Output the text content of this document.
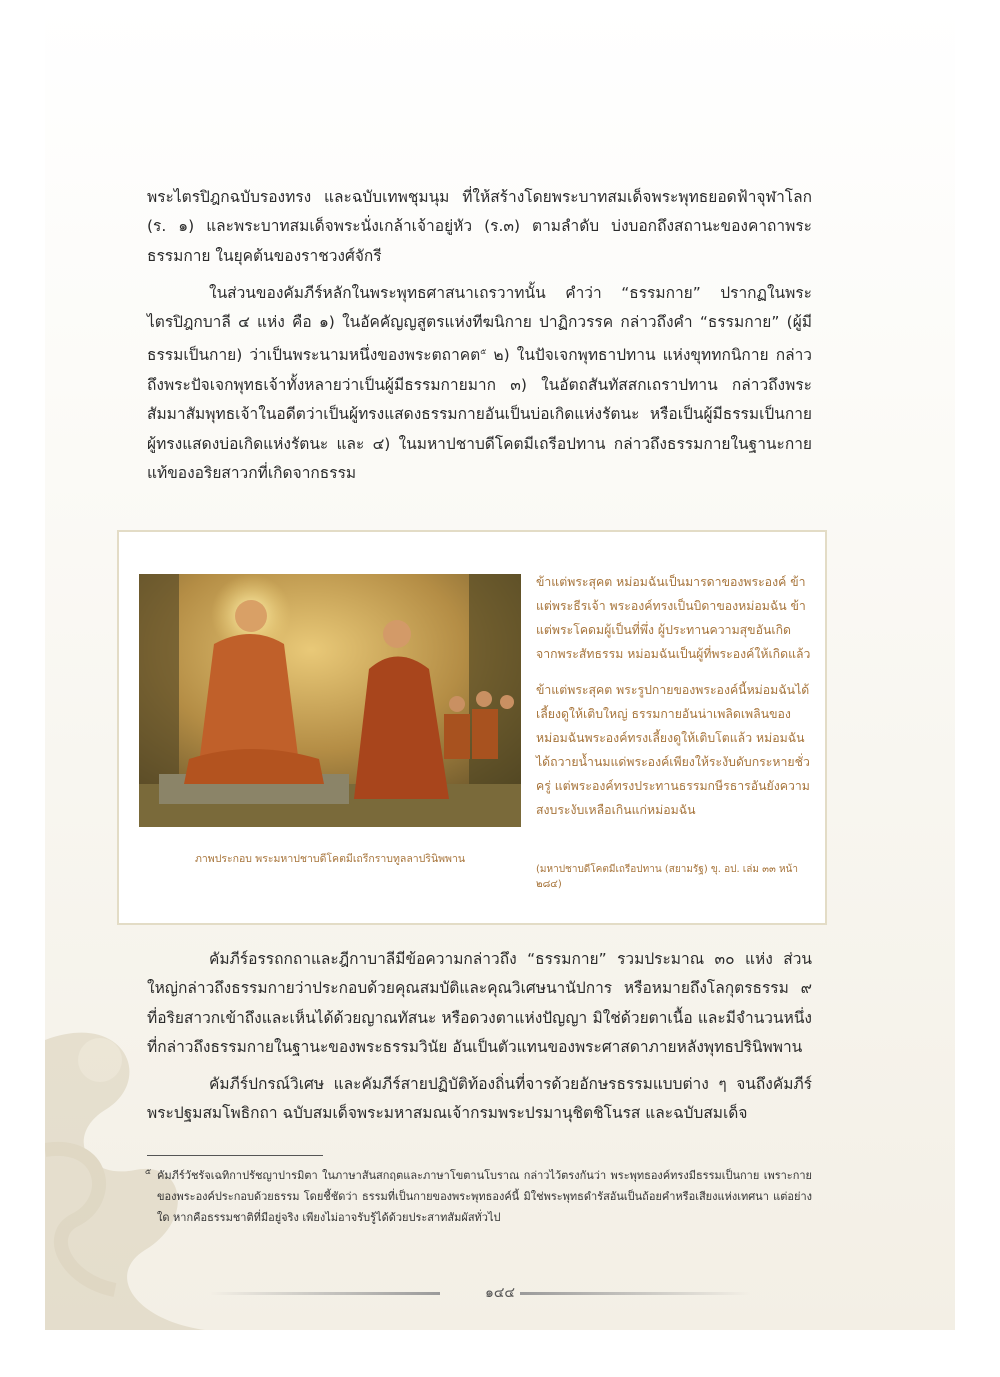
พระไตรปิฎกฉบับรองทรง และฉบับเทพชุมนุม ที่ให้สร้างโดยพระบาทสมเด็จพระพุทธยอดฟ้าจุฬาโลก (ร. ๑) และพระบาทสมเด็จพระนั่งเกล้าเจ้าอยู่หัว (ร.๓) ตามลำดับ บ่งบอกถึงสถานะของคาถาพระธรรมกาย ในยุคต้นของราชวงศ์จักรี

ในส่วนของคัมภีร์หลักในพระพุทธศาสนาเถรวาทนั้น คำว่า “ธรรมกาย” ปรากฏในพระไตรปิฎกบาลี ๔ แห่ง คือ ๑) ในอัคคัญญสูตรแห่งทีฆนิกาย ปาฏิกวรรค กล่าวถึงคำ “ธรรมกาย” (ผู้มีธรรมเป็นกาย) ว่าเป็นพระนามหนึ่งของพระตถาคต$^๕$ ๒) ในปัจเจกพุทธาปทาน แห่งขุททกนิกาย กล่าวถึงพระปัจเจกพุทธเจ้าทั้งหลายว่าเป็นผู้มีธรรมกายมาก ๓) ในอัตถสันทัสสกเถราปทาน กล่าวถึงพระสัมมาสัมพุทธเจ้าในอดีตว่าเป็นผู้ทรงแสดงธรรมกายอันเป็นบ่อเกิดแห่งรัตนะ หรือเป็นผู้มีธรรมเป็นกาย ผู้ทรงแสดงบ่อเกิดแห่งรัตนะ และ ๔) ในมหาปชาบดีโคตมีเถรีอปทาน กล่าวถึงธรรมกายในฐานะกายแท้ของอริยสาวกที่เกิดจากธรรม

ภาพประกอบ พระมหาปชาบดีโคตมีเถรีกราบทูลลาปรินิพพาน

ข้าแต่พระสุคต หม่อมฉันเป็นมารดาของพระองค์ ข้าแต่พระธีรเจ้า พระองค์ทรงเป็นบิดาของหม่อมฉัน ข้าแต่พระโคดมผู้เป็นที่พึ่ง ผู้ประทานความสุขอันเกิดจากพระสัทธรรม หม่อมฉันเป็นผู้ที่พระองค์ให้เกิดแล้ว

ข้าแต่พระสุคต พระรูปกายของพระองค์นี้หม่อมฉันได้เลี้ยงดูให้เติบใหญ่ ธรรมกายอันน่าเพลิดเพลินของหม่อมฉันพระองค์ทรงเลี้ยงดูให้เติบโตแล้ว หม่อมฉันได้ถวายน้ำนมแด่พระองค์เพียงให้ระงับดับกระหายชั่วครู่ แต่พระองค์ทรงประทานธรรมกษีรธารอันยังความสงบระงับเหลือเกินแก่หม่อมฉัน

(มหาปชาบดีโคตมีเถรีอปทาน (สยามรัฐ) ขุ. อป. เล่ม ๓๓ หน้า ๒๘๔)

คัมภีร์อรรถกถาและฎีกาบาลีมีข้อความกล่าวถึง “ธรรมกาย” รวมประมาณ ๓๐ แห่ง ส่วนใหญ่กล่าวถึงธรรมกายว่าประกอบด้วยคุณสมบัติและคุณวิเศษนานัปการ หรือหมายถึงโลกุตรธรรม ๙ ที่อริยสาวกเข้าถึงและเห็นได้ด้วยญาณทัสนะ หรือดวงตาแห่งปัญญา มิใช่ด้วยตาเนื้อ และมีจำนวนหนึ่งที่กล่าวถึงธรรมกายในฐานะของพระธรรมวินัย อันเป็นตัวแทนของพระศาสดาภายหลังพุทธปรินิพพาน

คัมภีร์ปกรณ์วิเศษ และคัมภีร์สายปฏิบัติท้องถิ่นที่จารด้วยอักษรธรรมแบบต่าง ๆ จนถึงคัมภีร์พระปฐมสมโพธิกถา ฉบับสมเด็จพระมหาสมณเจ้ากรมพระปรมานุชิตชิโนรส และฉบับสมเด็จ

๕ คัมภีร์วัชรัจเฉทิกาปรัชญาปารมิตา ในภาษาสันสกฤตและภาษาโขตานโบราณ กล่าวไว้ตรงกันว่า พระพุทธองค์ทรงมีธรรมเป็นกาย เพราะกายของพระองค์ประกอบด้วยธรรม โดยชี้ชัดว่า ธรรมที่เป็นกายของพระพุทธองค์นี้ มิใช่พระพุทธดำรัสอันเป็นถ้อยคำหรือเสียงแห่งเทศนา แต่อย่างใด หากคือธรรมชาติที่มีอยู่จริง เพียงไม่อาจรับรู้ได้ด้วยประสาทสัมผัสทั่วไป
๑๔๔
